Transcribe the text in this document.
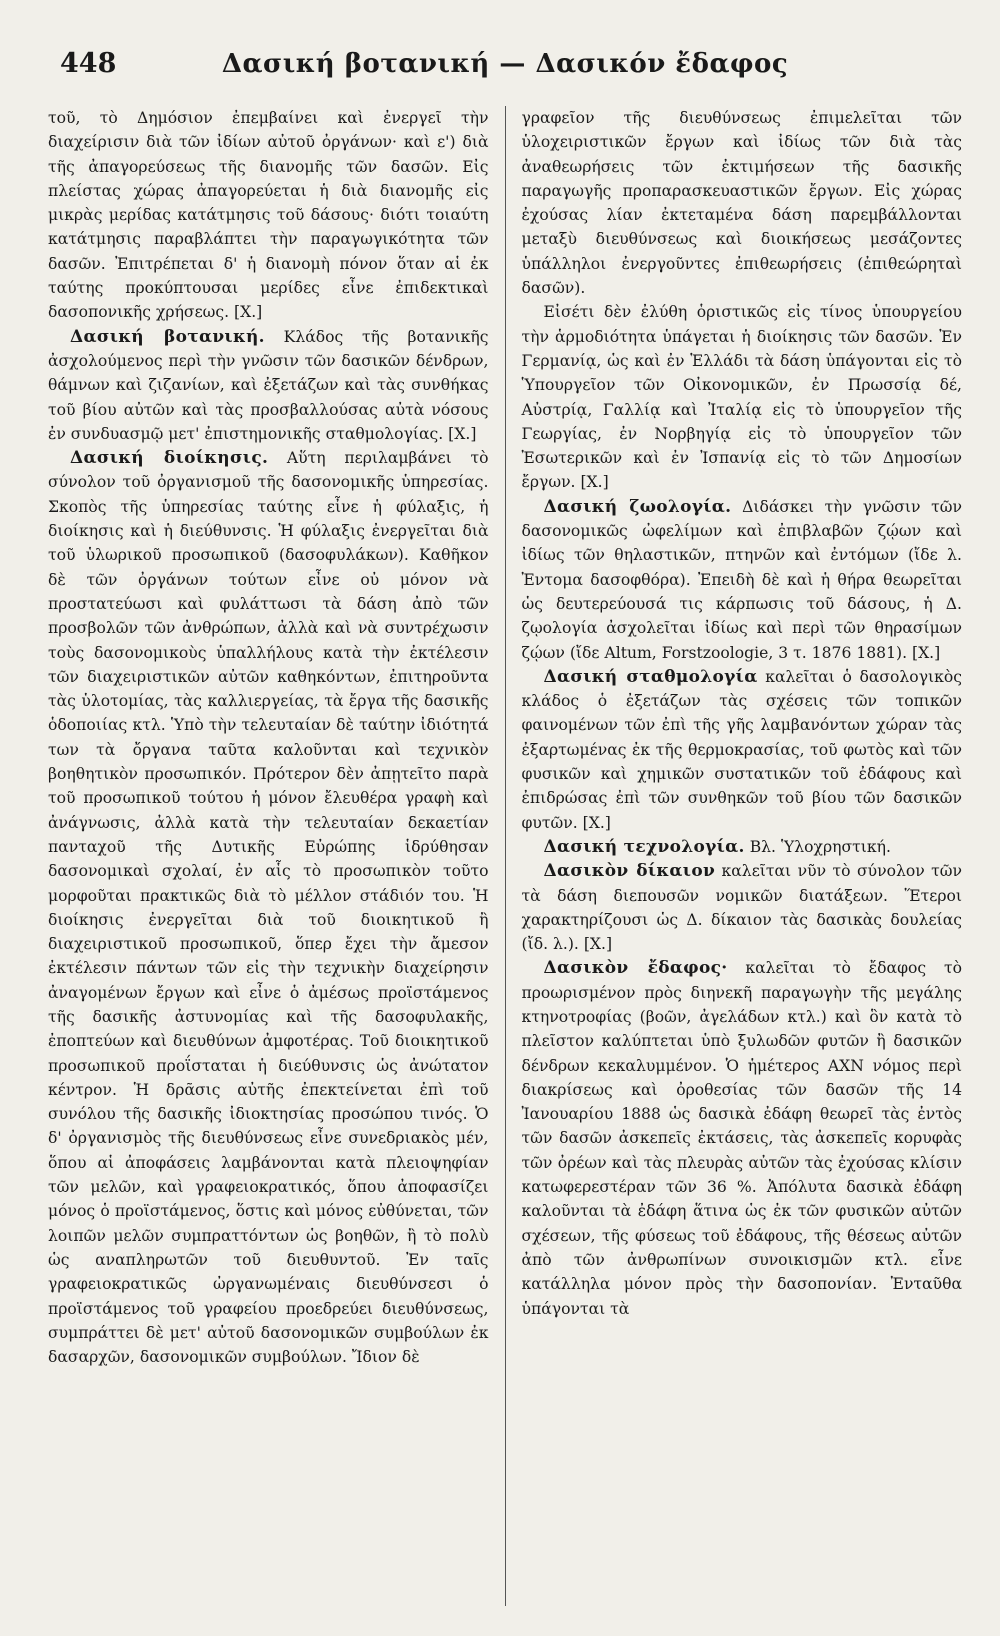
448	Δασική βοτανική — Δασικόν ἔδαφος

τοῦ, τὸ Δημόσιον ἐπεμβαίνει καὶ ἐνεργεῖ τὴν διαχείρισιν διὰ τῶν ἰδίων αὐτοῦ ὀργάνων· καὶ ε') διὰ τῆς ἀπαγορεύσεως τῆς διανομῆς τῶν δασῶν. Εἰς πλείστας χώρας ἀπαγορεύεται ἡ διὰ διανομῆς εἰς μικρὰς μερίδας κατάτμησις τοῦ δάσους· διότι τοιαύτη κατάτμησις παραβλάπτει τὴν παραγωγικότητα τῶν δασῶν. Ἐπιτρέπεται δ' ἡ διανομὴ πόνον ὅταν αἱ ἐκ ταύτης προκύπτουσαι μερίδες εἶνε ἐπιδεκτικαὶ δασοπονικῆς χρήσεως. [Χ.]

Δασική βοτανική. Κλάδος τῆς βοτανικῆς ἀσχολούμενος περὶ τὴν γνῶσιν τῶν δασικῶν δένδρων, θάμνων καὶ ζιζανίων, καὶ ἐξετάζων καὶ τὰς συνθήκας τοῦ βίου αὐτῶν καὶ τὰς προσβαλλούσας αὐτὰ νόσους ἐν συνδυασμῷ μετ' ἐπιστημονικῆς σταθμολογίας. [Χ.]

Δασική διοίκησις. Αὕτη περιλαμβάνει τὸ σύνολον τοῦ ὀργανισμοῦ τῆς δασονομικῆς ὑπηρεσίας. Σκοπὸς τῆς ὑπηρεσίας ταύτης εἶνε ἡ φύλαξις, ἡ διοίκησις καὶ ἡ διεύθυνσις. Ἡ φύλαξις ἐνεργεῖται διὰ τοῦ ὑλωρικοῦ προσωπικοῦ (δασοφυλάκων). Καθῆκον δὲ τῶν ὀργάνων τούτων εἶνε οὐ μόνον νὰ προστατεύωσι καὶ φυλάττωσι τὰ δάση ἀπὸ τῶν προσβολῶν τῶν ἀνθρώπων, ἀλλὰ καὶ νὰ συντρέχωσιν τοὺς δασονομικοὺς ὑπαλλήλους κατὰ τὴν ἐκτέλεσιν τῶν διαχειριστικῶν αὐτῶν καθηκόντων, ἐπιτηροῦντα τὰς ὑλοτομίας, τὰς καλλιεργείας, τὰ ἔργα τῆς δασικῆς ὁδοποιίας κτλ. Ὑπὸ τὴν τελευταίαν δὲ ταύτην ἰδιότητά των τὰ ὄργανα ταῦτα καλοῦνται καὶ τεχνικὸν βοηθητικὸν προσωπικόν. Πρότερον δὲν ἀπῃτεῖτο παρὰ τοῦ προσωπικοῦ τούτου ἡ μόνον ἔλευθέρα γραφὴ καὶ ἀνάγνωσις, ἀλλὰ κατὰ τὴν τελευταίαν δεκαετίαν πανταχοῦ τῆς Δυτικῆς Εὐρώπης ἱδρύθησαν δασονομικαὶ σχολαί, ἐν αἷς τὸ προσωπικὸν τοῦτο μορφοῦται πρακτικῶς διὰ τὸ μέλλον στάδιόν του. Ἡ διοίκησις ἐνεργεῖται διὰ τοῦ διοικητικοῦ ἢ διαχειριστικοῦ προσωπικοῦ, ὅπερ ἔχει τὴν ἄμεσον ἐκτέλεσιν πάντων τῶν εἰς τὴν τεχνικὴν διαχείρησιν ἀναγομένων ἔργων καὶ εἶνε ὁ ἀμέσως προϊστάμενος τῆς δασικῆς ἀστυνομίας καὶ τῆς δασοφυλακῆς, ἐποπτεύων καὶ διευθύνων ἀμφοτέρας. Τοῦ διοικητικοῦ προσωπικοῦ προΐσταται ἡ διεύθυνσις ὡς ἀνώτατον κέντρον. Ἡ δρᾶσις αὐτῆς ἐπεκτείνεται ἐπὶ τοῦ συνόλου τῆς δασικῆς ἰδιοκτησίας προσώπου τινός. Ὁ δ' ὀργανισμὸς τῆς διευθύνσεως εἶνε συνεδριακὸς μέν, ὅπου αἱ ἀποφάσεις λαμβάνονται κατὰ πλειοψηφίαν τῶν μελῶν, καὶ γραφειοκρατικός, ὅπου ἀποφασίζει μόνος ὁ προϊστάμενος, ὅστις καὶ μόνος εὐθύνεται, τῶν λοιπῶν μελῶν συμπραττόντων ὡς βοηθῶν, ἢ τὸ πολὺ ὡς αναπληρωτῶν τοῦ διευθυντοῦ. Ἐν ταῖς γραφειοκρατικῶς ὠργανωμέναις διευθύνσεσι ὁ προϊστάμενος τοῦ γραφείου προεδρεύει διευθύνσεως, συμπράττει δὲ μετ' αὐτοῦ δασονομικῶν συμβούλων ἐκ δασαρχῶν, δασονομικῶν συμβούλων. Ἴδιον δὲ

γραφεῖον τῆς διευθύνσεως ἐπιμελεῖται τῶν ὑλοχειριστικῶν ἔργων καὶ ἰδίως τῶν διὰ τὰς ἀναθεωρήσεις τῶν ἐκτιμήσεων τῆς δασικῆς παραγωγῆς προπαρασκευαστικῶν ἔργων. Εἰς χώρας ἐχούσας λίαν ἐκτεταμένα δάση παρεμβάλλονται μεταξὺ διευθύνσεως καὶ διοικήσεως μεσάζοντες ὑπάλληλοι ἐνεργοῦντες ἐπιθεωρήσεις (ἐπιθεώρηταὶ δασῶν).

Εἰσέτι δὲν ἐλύθη ὁριστικῶς εἰς τίνος ὑπουργείου τὴν ἁρμοδιότητα ὑπάγεται ἡ διοίκησις τῶν δασῶν. Ἐν Γερμανίᾳ, ὡς καὶ ἐν Ἑλλάδι τὰ δάση ὑπάγονται εἰς τὸ Ὑπουργεῖον τῶν Οἰκονομικῶν, ἐν Πρωσσίᾳ δέ, Αὐστρίᾳ, Γαλλίᾳ καὶ Ἰταλίᾳ εἰς τὸ ὑπουργεῖον τῆς Γεωργίας, ἐν Νορβηγίᾳ εἰς τὸ ὑπουργεῖον τῶν Ἐσωτερικῶν καὶ ἐν Ἰσπανίᾳ εἰς τὸ τῶν Δημοσίων ἔργων. [Χ.]

Δασική ζωολογία. Διδάσκει τὴν γνῶσιν τῶν δασονομικῶς ὠφελίμων καὶ ἐπιβλαβῶν ζῴων καὶ ἰδίως τῶν θηλαστικῶν, πτηνῶν καὶ ἐντόμων (ἴδε λ. Ἐντομα δασοφθόρα). Ἐπειδὴ δὲ καὶ ἡ θήρα θεωρεῖται ὡς δευτερεύουσά τις κάρπωσις τοῦ δάσους, ἡ Δ. ζῳολογία ἀσχολεῖται ἰδίως καὶ περὶ τῶν θηρασίμων ζῴων (ἴδε Altum, Forstzoologie, 3 τ. 1876 1881). [Χ.]

Δασική σταθμολογία καλεῖται ὁ δασολογικὸς κλάδος ὁ ἐξετάζων τὰς σχέσεις τῶν τοπικῶν φαινομένων τῶν ἐπὶ τῆς γῆς λαμβανόντων χώραν τὰς ἐξαρτωμένας ἐκ τῆς θερμοκρασίας, τοῦ φωτὸς καὶ τῶν φυσικῶν καὶ χημικῶν συστατικῶν τοῦ ἐδάφους καὶ ἐπιδρώσας ἐπὶ τῶν συνθηκῶν τοῦ βίου τῶν δασικῶν φυτῶν. [Χ.]

Δασική τεχνολογία. Βλ. Ὑλοχρηστική.

Δασικὸν δίκαιον καλεῖται νῦν τὸ σύνολον τῶν τὰ δάση διεπουσῶν νομικῶν διατάξεων. Ἕτεροι χαρακτηρίζουσι ὡς Δ. δίκαιον τὰς δασικὰς δουλείας (ἴδ. λ.). [Χ.]

Δασικὸν ἔδαφος· καλεῖται τὸ ἔδαφος τὸ προωρισμένον πρὸς διηνεκῆ παραγωγὴν τῆς μεγάλης κτηνοτροφίας (βοῶν, ἀγελάδων κτλ.) καὶ ὃν κατὰ τὸ πλεῖστον καλύπτεται ὑπὸ ξυλωδῶν φυτῶν ἢ δασικῶν δένδρων κεκαλυμμένον. Ὁ ἡμέτερος ΑΧΝ νόμος περὶ διακρίσεως καὶ ὀροθεσίας τῶν δασῶν τῆς 14 Ἰανουαρίου 1888 ὡς δασικὰ ἐδάφη θεωρεῖ τὰς ἐντὸς τῶν δασῶν ἀσκεπεῖς ἐκτάσεις, τὰς ἀσκεπεῖς κορυφὰς τῶν ὀρέων καὶ τὰς πλευρὰς αὐτῶν τὰς ἐχούσας κλίσιν κατωφερεστέραν τῶν 36 %. Ἀπόλυτα δασικὰ ἐδάφη καλοῦνται τὰ ἐδάφη ἅτινα ὡς ἐκ τῶν φυσικῶν αὐτῶν σχέσεων, τῆς φύσεως τοῦ ἐδάφους, τῆς θέσεως αὐτῶν ἀπὸ τῶν ἀνθρωπίνων συνοικισμῶν κτλ. εἶνε κατάλληλα μόνον πρὸς τὴν δασοπονίαν. Ἐνταῦθα ὑπάγονται τὰ
